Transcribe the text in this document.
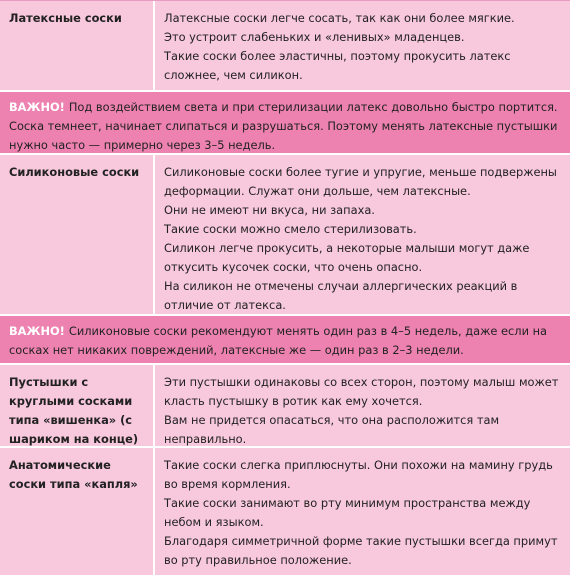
Латексные соски	Латексные соски легче сосать, так как они более мягкие.

Это устроит слабеньких и «ленивых» младенцев.

Такие соски более эластичны, поэтому прокусить латекс сложнее, чем силикон.

ВАЖНО! Под воздействием света и при стерилизации латекс довольно быстро портится. Соска темнеет, начинает слипаться и разрушаться. Поэтому менять латексные пустышки нужно часто — примерно через 3–5 недель.
Силиконовые соски	Силиконовые соски более тугие и упругие, меньше подвержены деформации. Служат они дольше, чем латексные.

Они не имеют ни вкуса, ни запаха.

Такие соски можно смело стерилизовать.

Силикон легче прокусить, а некоторые малыши могут даже откусить кусочек соски, что очень опасно.

На силикон не отмечены случаи аллергических реакций в отличие от латекса.

ВАЖНО! Силиконовые соски рекомендуют менять один раз в 4–5 недель, даже если на сосках нет никаких повреждений, латексные же — один раз в 2–3 недели.
Пустышки с круглыми сосками типа «вишенка» (с шариком на конце)

Эти пустышки одинаковы со всех сторон, поэтому малыш может класть пустышку в ротик как ему хочется.

Вам не придется опасаться, что она расположится там неправильно.

Анатомические соски типа «капля»

Такие соски слегка приплюснуты. Они похожи на мамину грудь во время кормления.

Такие соски занимают во рту минимум пространства между небом и языком.

Благодаря симметричной форме такие пустышки всегда примут во рту правильное положение.
